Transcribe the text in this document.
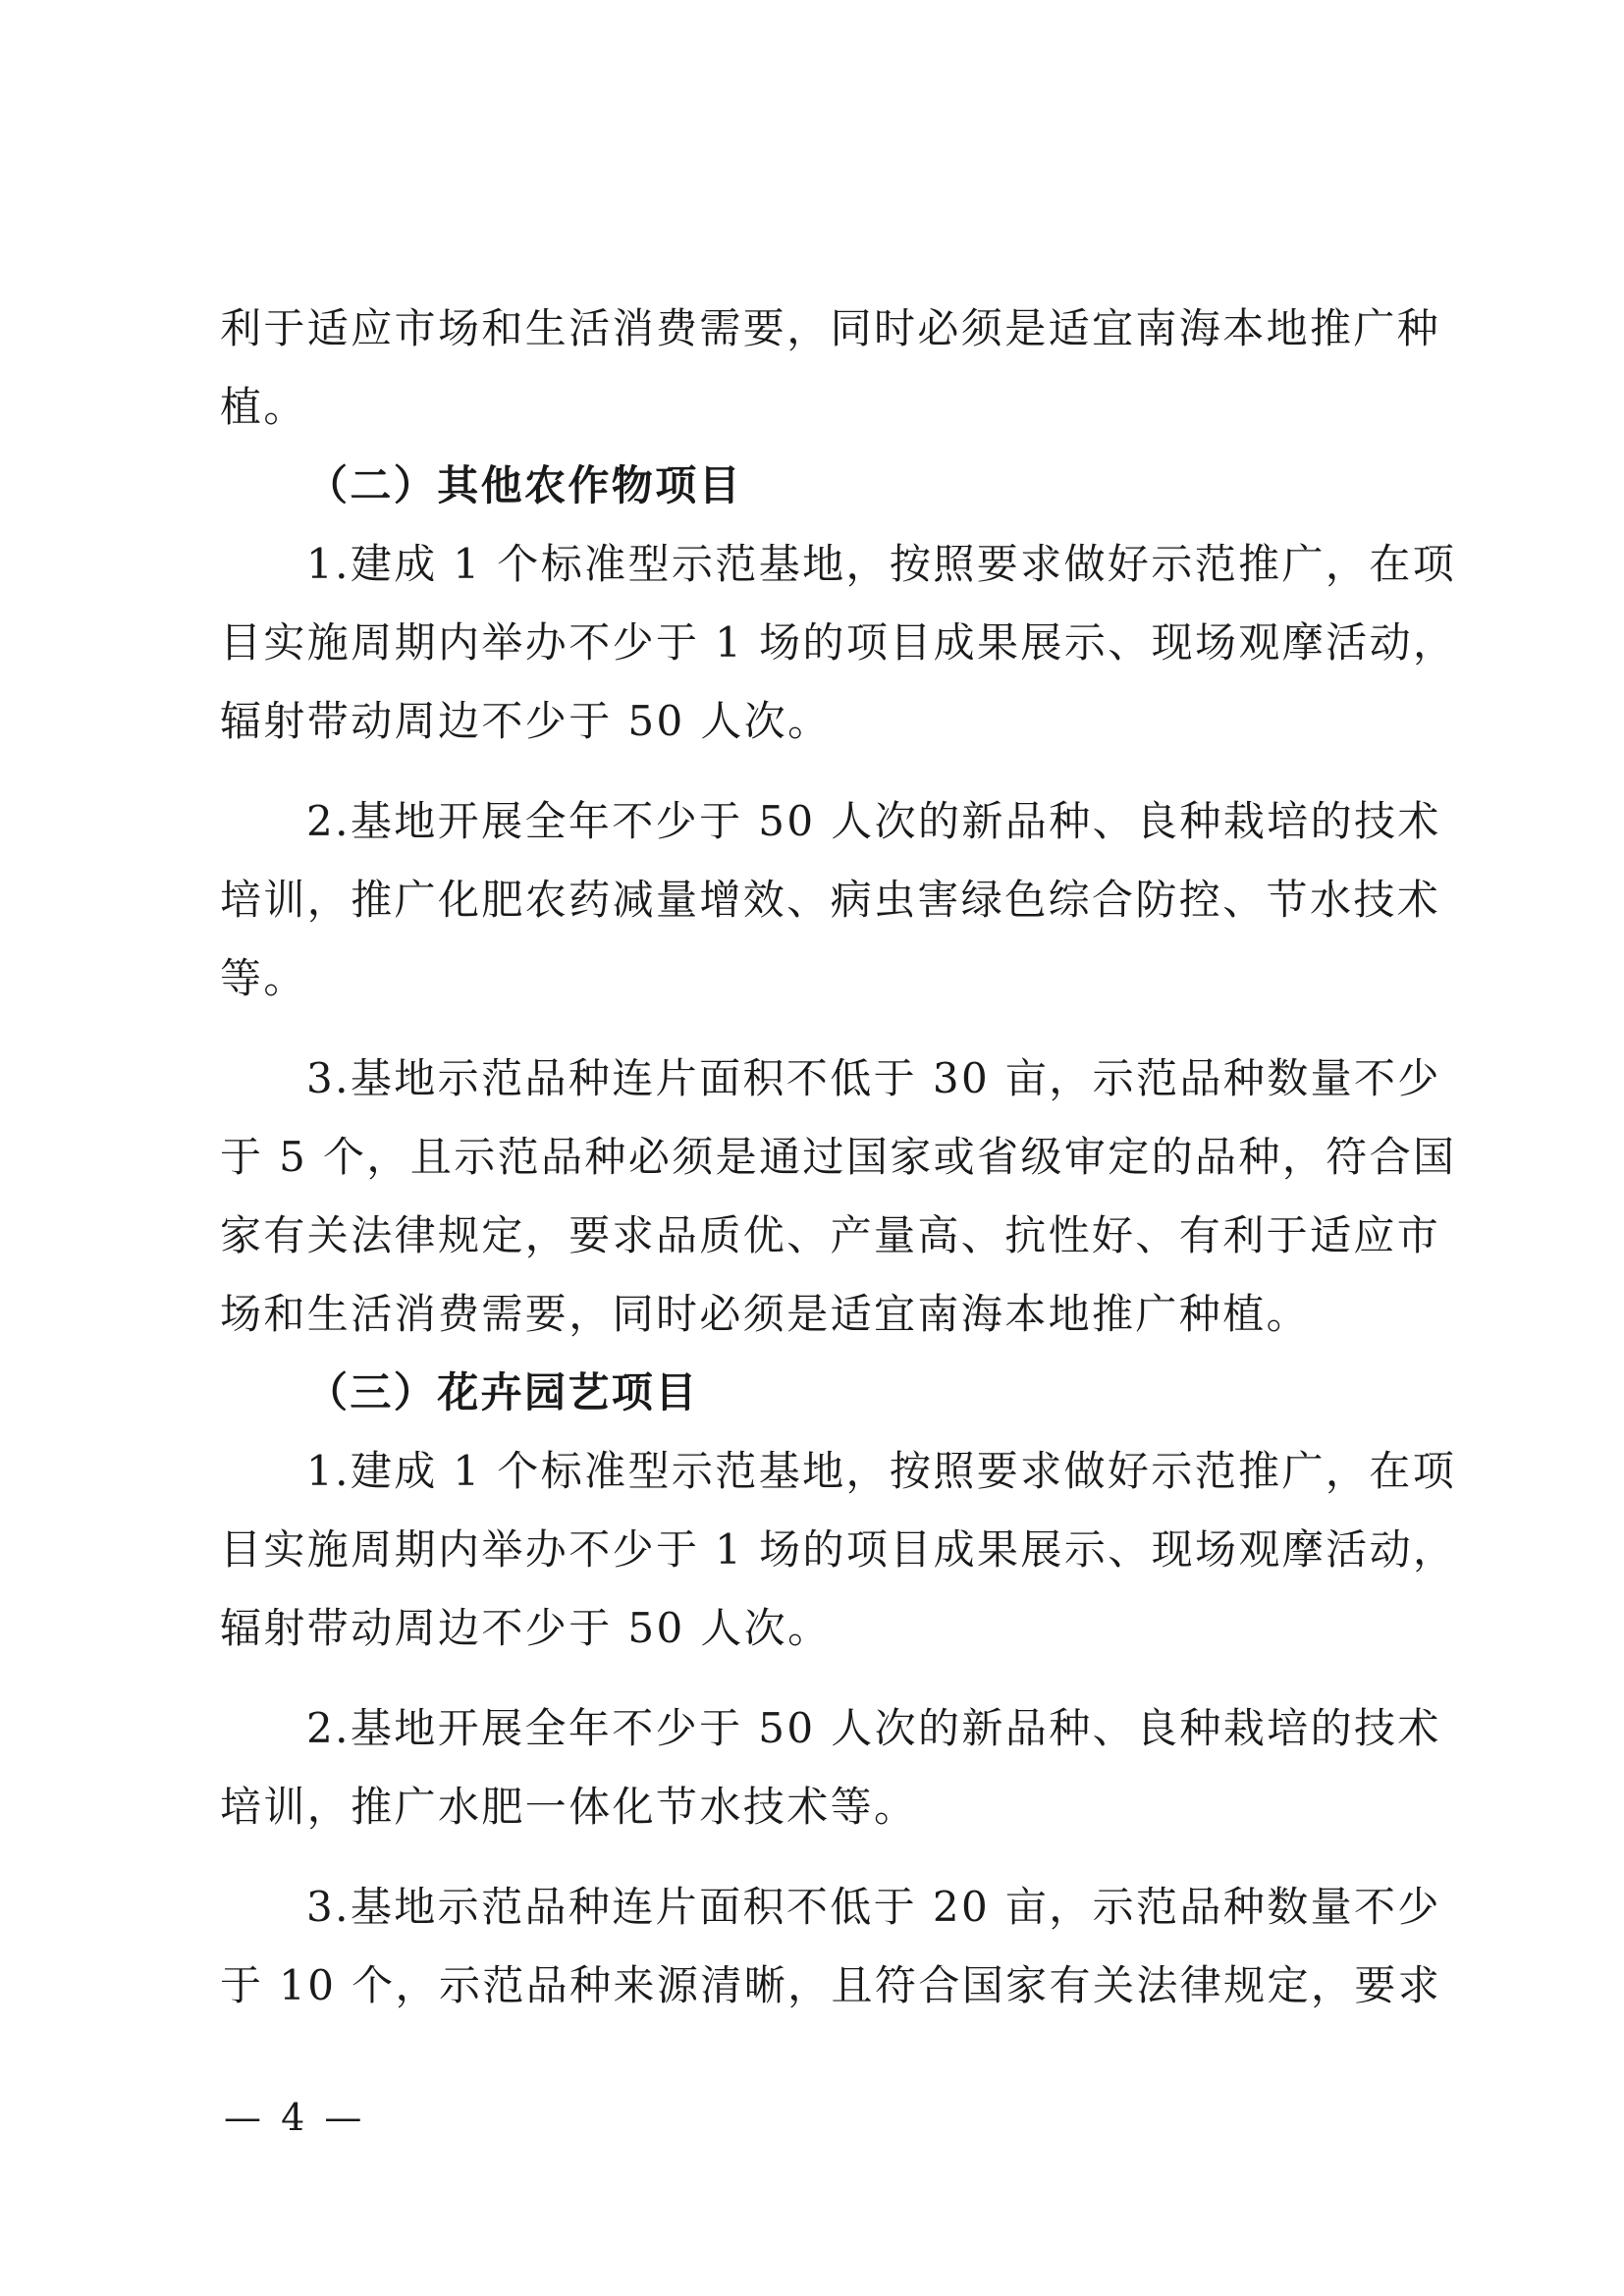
利于适应市场和生活消费需要，同时必须是适宜南海本地推广种
植。
（二）其他农作物项目
1.建成 1 个标准型示范基地，按照要求做好示范推广，在项
目实施周期内举办不少于 1 场的项目成果展示、现场观摩活动，
辐射带动周边不少于 50 人次。
2.基地开展全年不少于 50 人次的新品种、良种栽培的技术
培训，推广化肥农药减量增效、病虫害绿色综合防控、节水技术
等。
3.基地示范品种连片面积不低于 30 亩，示范品种数量不少
于 5 个，且示范品种必须是通过国家或省级审定的品种，符合国
家有关法律规定，要求品质优、产量高、抗性好、有利于适应市
场和生活消费需要，同时必须是适宜南海本地推广种植。
（三）花卉园艺项目
1.建成 1 个标准型示范基地，按照要求做好示范推广，在项
目实施周期内举办不少于 1 场的项目成果展示、现场观摩活动，
辐射带动周边不少于 50 人次。
2.基地开展全年不少于 50 人次的新品种、良种栽培的技术
培训，推广水肥一体化节水技术等。
3.基地示范品种连片面积不低于 20 亩，示范品种数量不少
于 10 个，示范品种来源清晰，且符合国家有关法律规定，要求
— 4 —
